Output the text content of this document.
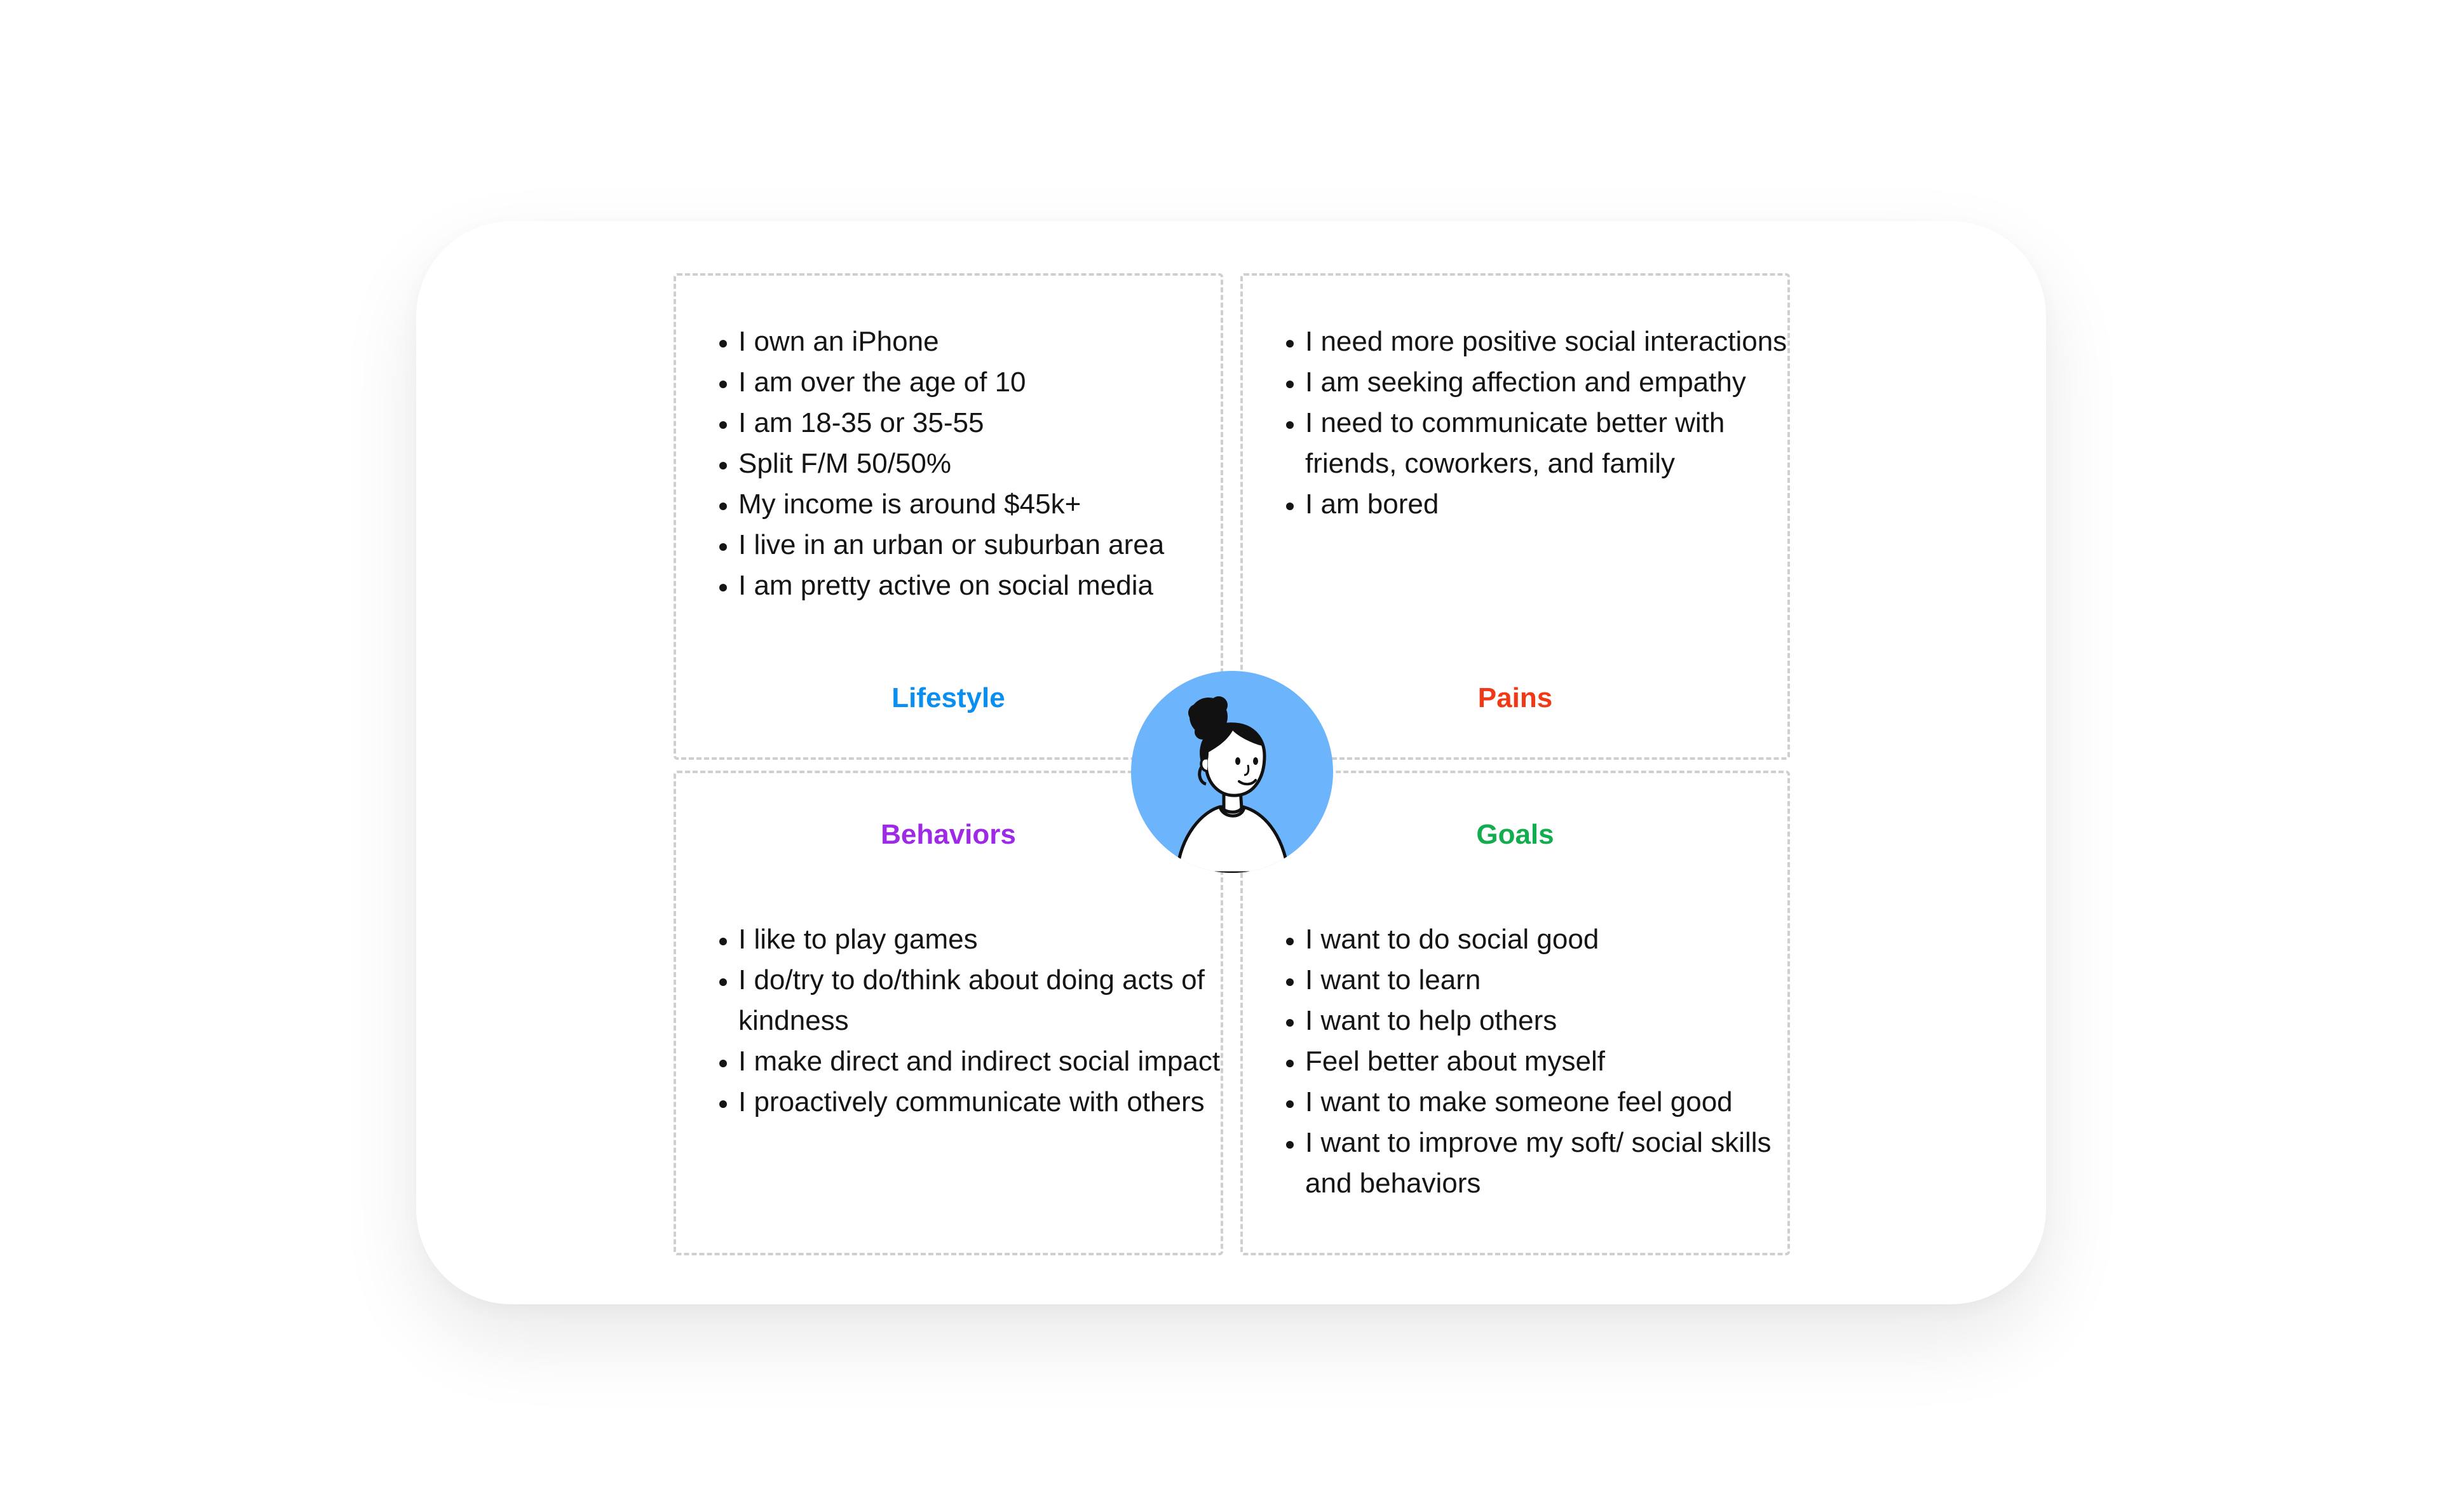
• I own an iPhone
• I am over the age of 10
• I am 18-35 or 35-55
• Split F/M 50/50%
• My income is around $45k+
• I live in an urban or suburban area
• I am pretty active on social media
Lifestyle
• I need more positive social interactions
• I am seeking affection and empathy
• I need to communicate better with friends, coworkers, and family
• I am bored
Pains
Behaviors
• I like to play games
• I do/try to do/think about doing acts of kindness
• I make direct and indirect social impact
• I proactively communicate with others
Goals
• I want to do social good
• I want to learn
• I want to help others
• Feel better about myself
• I want to make someone feel good
• I want to improve my soft/ social skills and behaviors
